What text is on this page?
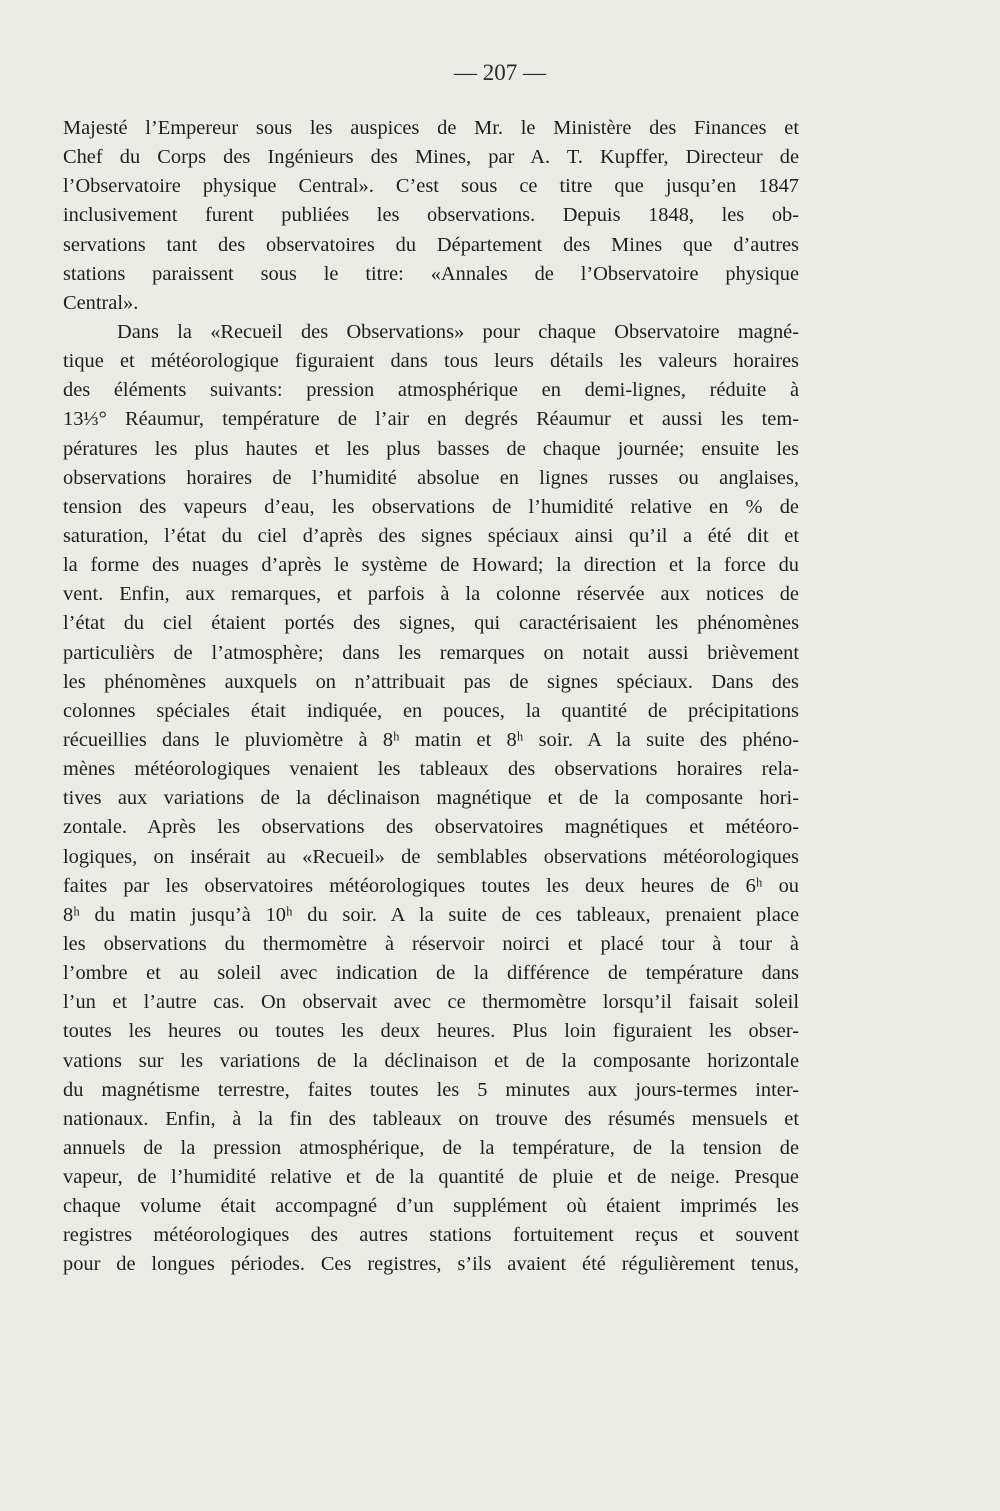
— 207 —
Majesté l’Empereur sous les auspices de Mr. le Ministère des Finances et
Chef du Corps des Ingénieurs des Mines, par A. T. Kupffer, Directeur de
l’Observatoire physique Central». C’est sous ce titre que jusqu’en 1847
inclusivement furent publiées les observations. Depuis 1848, les ob-
servations tant des observatoires du Département des Mines que d’autres
stations paraissent sous le titre: «Annales de l’Observatoire physique
Central».
Dans la «Recueil des Observations» pour chaque Observatoire magné-
tique et météorologique figuraient dans tous leurs détails les valeurs horaires
des éléments suivants: pression atmosphérique en demi-lignes, réduite à
13⅓° Réaumur, température de l’air en degrés Réaumur et aussi les tem-
pératures les plus hautes et les plus basses de chaque journée; ensuite les
observations horaires de l’humidité absolue en lignes russes ou anglaises,
tension des vapeurs d’eau, les observations de l’humidité relative en % de
saturation, l’état du ciel d’après des signes spéciaux ainsi qu’il a été dit et
la forme des nuages d’après le système de Howard; la direction et la force du
vent. Enfin, aux remarques, et parfois à la colonne réservée aux notices de
l’état du ciel étaient portés des signes, qui caractérisaient les phénomènes
particulièrs de l’atmosphère; dans les remarques on notait aussi brièvement
les phénomènes auxquels on n’attribuait pas de signes spéciaux. Dans des
colonnes spéciales était indiquée, en pouces, la quantité de précipitations
récueillies dans le pluviomètre à 8ʰ matin et 8ʰ soir. A la suite des phéno-
mènes météorologiques venaient les tableaux des observations horaires rela-
tives aux variations de la déclinaison magnétique et de la composante hori-
zontale. Après les observations des observatoires magnétiques et météoro-
logiques, on insérait au «Recueil» de semblables observations météorologiques
faites par les observatoires météorologiques toutes les deux heures de 6ʰ ou
8ʰ du matin jusqu’à 10ʰ du soir. A la suite de ces tableaux, prenaient place
les observations du thermomètre à réservoir noirci et placé tour à tour à
l’ombre et au soleil avec indication de la différence de température dans
l’un et l’autre cas. On observait avec ce thermomètre lorsqu’il faisait soleil
toutes les heures ou toutes les deux heures. Plus loin figuraient les obser-
vations sur les variations de la déclinaison et de la composante horizontale
du magnétisme terrestre, faites toutes les 5 minutes aux jours-termes inter-
nationaux. Enfin, à la fin des tableaux on trouve des résumés mensuels et
annuels de la pression atmosphérique, de la température, de la tension de
vapeur, de l’humidité relative et de la quantité de pluie et de neige. Presque
chaque volume était accompagné d’un supplément où étaient imprimés les
registres météorologiques des autres stations fortuitement reçus et souvent
pour de longues périodes. Ces registres, s’ils avaient été régulièrement tenus,
